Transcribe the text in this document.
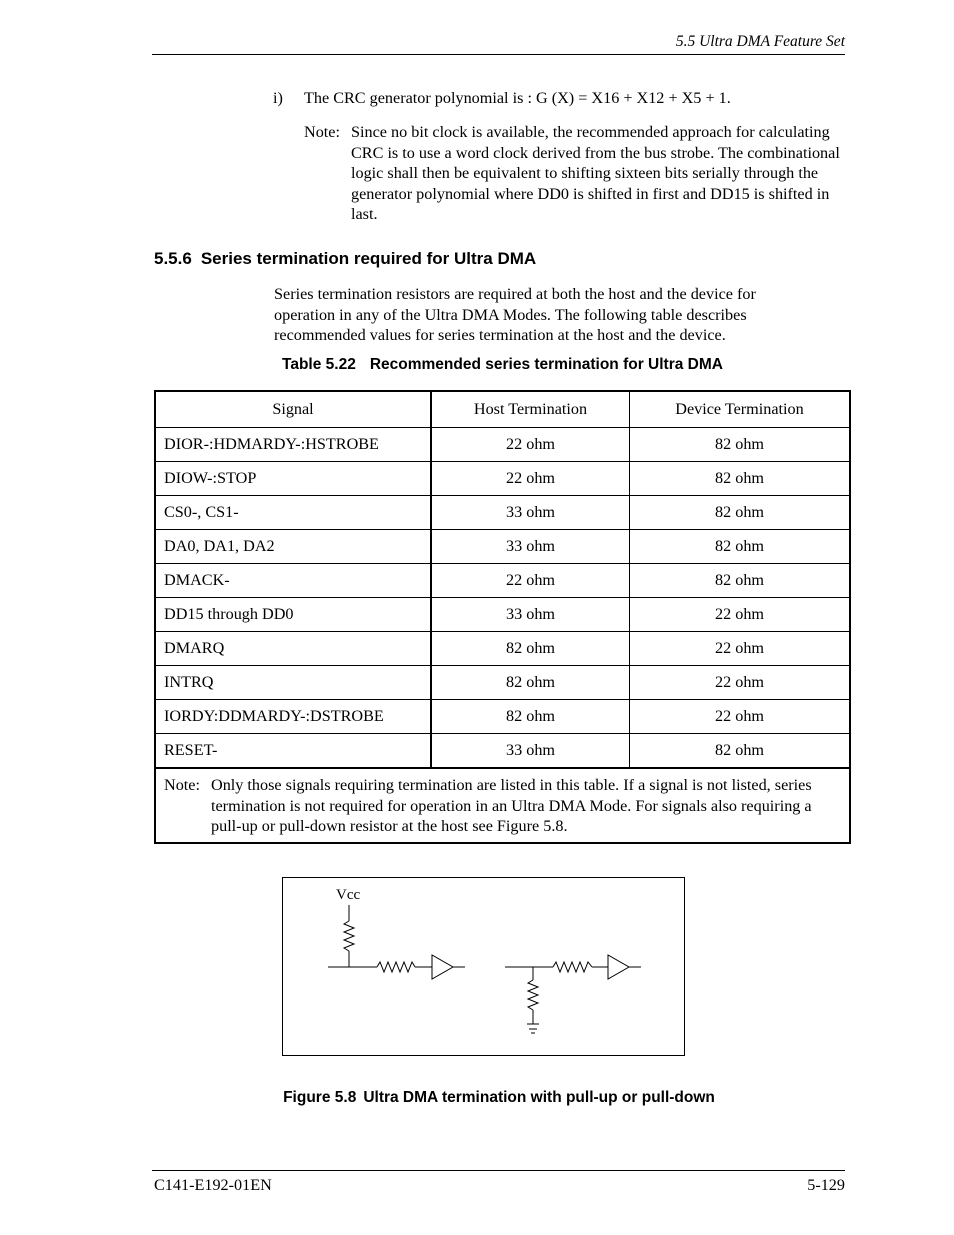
5.5 Ultra DMA Feature Set
i) The CRC generator polynomial is : G (X) = X16 + X12 + X5 + 1.
Note: Since no bit clock is available, the recommended approach for calculating CRC is to use a word clock derived from the bus strobe. The combinational logic shall then be equivalent to shifting sixteen bits serially through the generator polynomial where DD0 is shifted in first and DD15 is shifted in last.
5.5.6 Series termination required for Ultra DMA
Series termination resistors are required at both the host and the device for operation in any of the Ultra DMA Modes. The following table describes recommended values for series termination at the host and the device.
Table 5.22 Recommended series termination for Ultra DMA
Signal	Host Termination	Device Termination
DIOR-:HDMARDY-:HSTROBE	22 ohm	82 ohm
DIOW-:STOP	22 ohm	82 ohm
CS0-, CS1-	33 ohm	82 ohm
DA0, DA1, DA2	33 ohm	82 ohm
DMACK-	22 ohm	82 ohm
DD15 through DD0	33 ohm	22 ohm
DMARQ	82 ohm	22 ohm
INTRQ	82 ohm	22 ohm
IORDY:DDMARDY-:DSTROBE	82 ohm	22 ohm
RESET-	33 ohm	82 ohm

Note: Only those signals requiring termination are listed in this table. If a signal is not listed, series termination is not required for operation in an Ultra DMA Mode. For signals also requiring a pull-up or pull-down resistor at the host see Figure 5.8.		
Vcc
Figure 5.8 Ultra DMA termination with pull-up or pull-down
C141-E192-01EN	5-129
